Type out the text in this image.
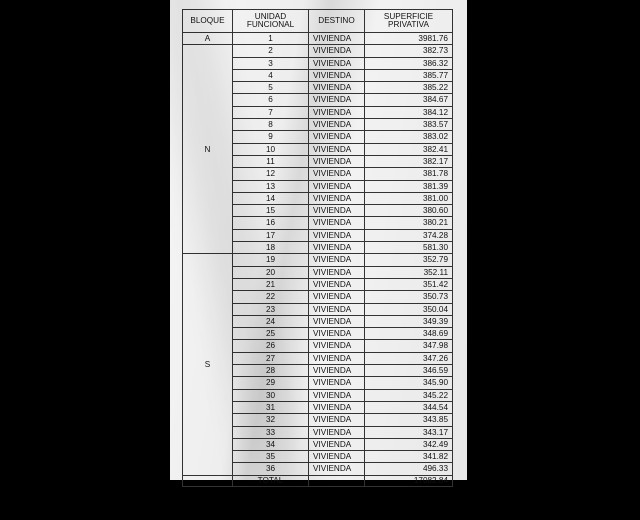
BLOQUE	UNIDAD FUNCIONAL	DESTINO	SUPERFICIE PRIVATIVA
A	1	VIVIENDA	3981.76
N	2	VIVIENDA	382.73
	3	VIVIENDA	386.32
	4	VIVIENDA	385.77
	5	VIVIENDA	385.22
	6	VIVIENDA	384.67
	7	VIVIENDA	384.12
	8	VIVIENDA	383.57
	9	VIVIENDA	383.02
	10	VIVIENDA	382.41
	11	VIVIENDA	382.17
	12	VIVIENDA	381.78
	13	VIVIENDA	381.39
	14	VIVIENDA	381.00
	15	VIVIENDA	380.60
	16	VIVIENDA	380.21
	17	VIVIENDA	374.28
	18	VIVIENDA	581.30
S	19	VIVIENDA	352.79
	20	VIVIENDA	352.11
	21	VIVIENDA	351.42
	22	VIVIENDA	350.73
	23	VIVIENDA	350.04
	24	VIVIENDA	349.39
	25	VIVIENDA	348.69
	26	VIVIENDA	347.98
	27	VIVIENDA	347.26
	28	VIVIENDA	346.59
	29	VIVIENDA	345.90
	30	VIVIENDA	345.22
	31	VIVIENDA	344.54
	32	VIVIENDA	343.85
	33	VIVIENDA	343.17
	34	VIVIENDA	342.49
	35	VIVIENDA	341.82
	36	VIVIENDA	496.33
	TOTAL		17082.84
